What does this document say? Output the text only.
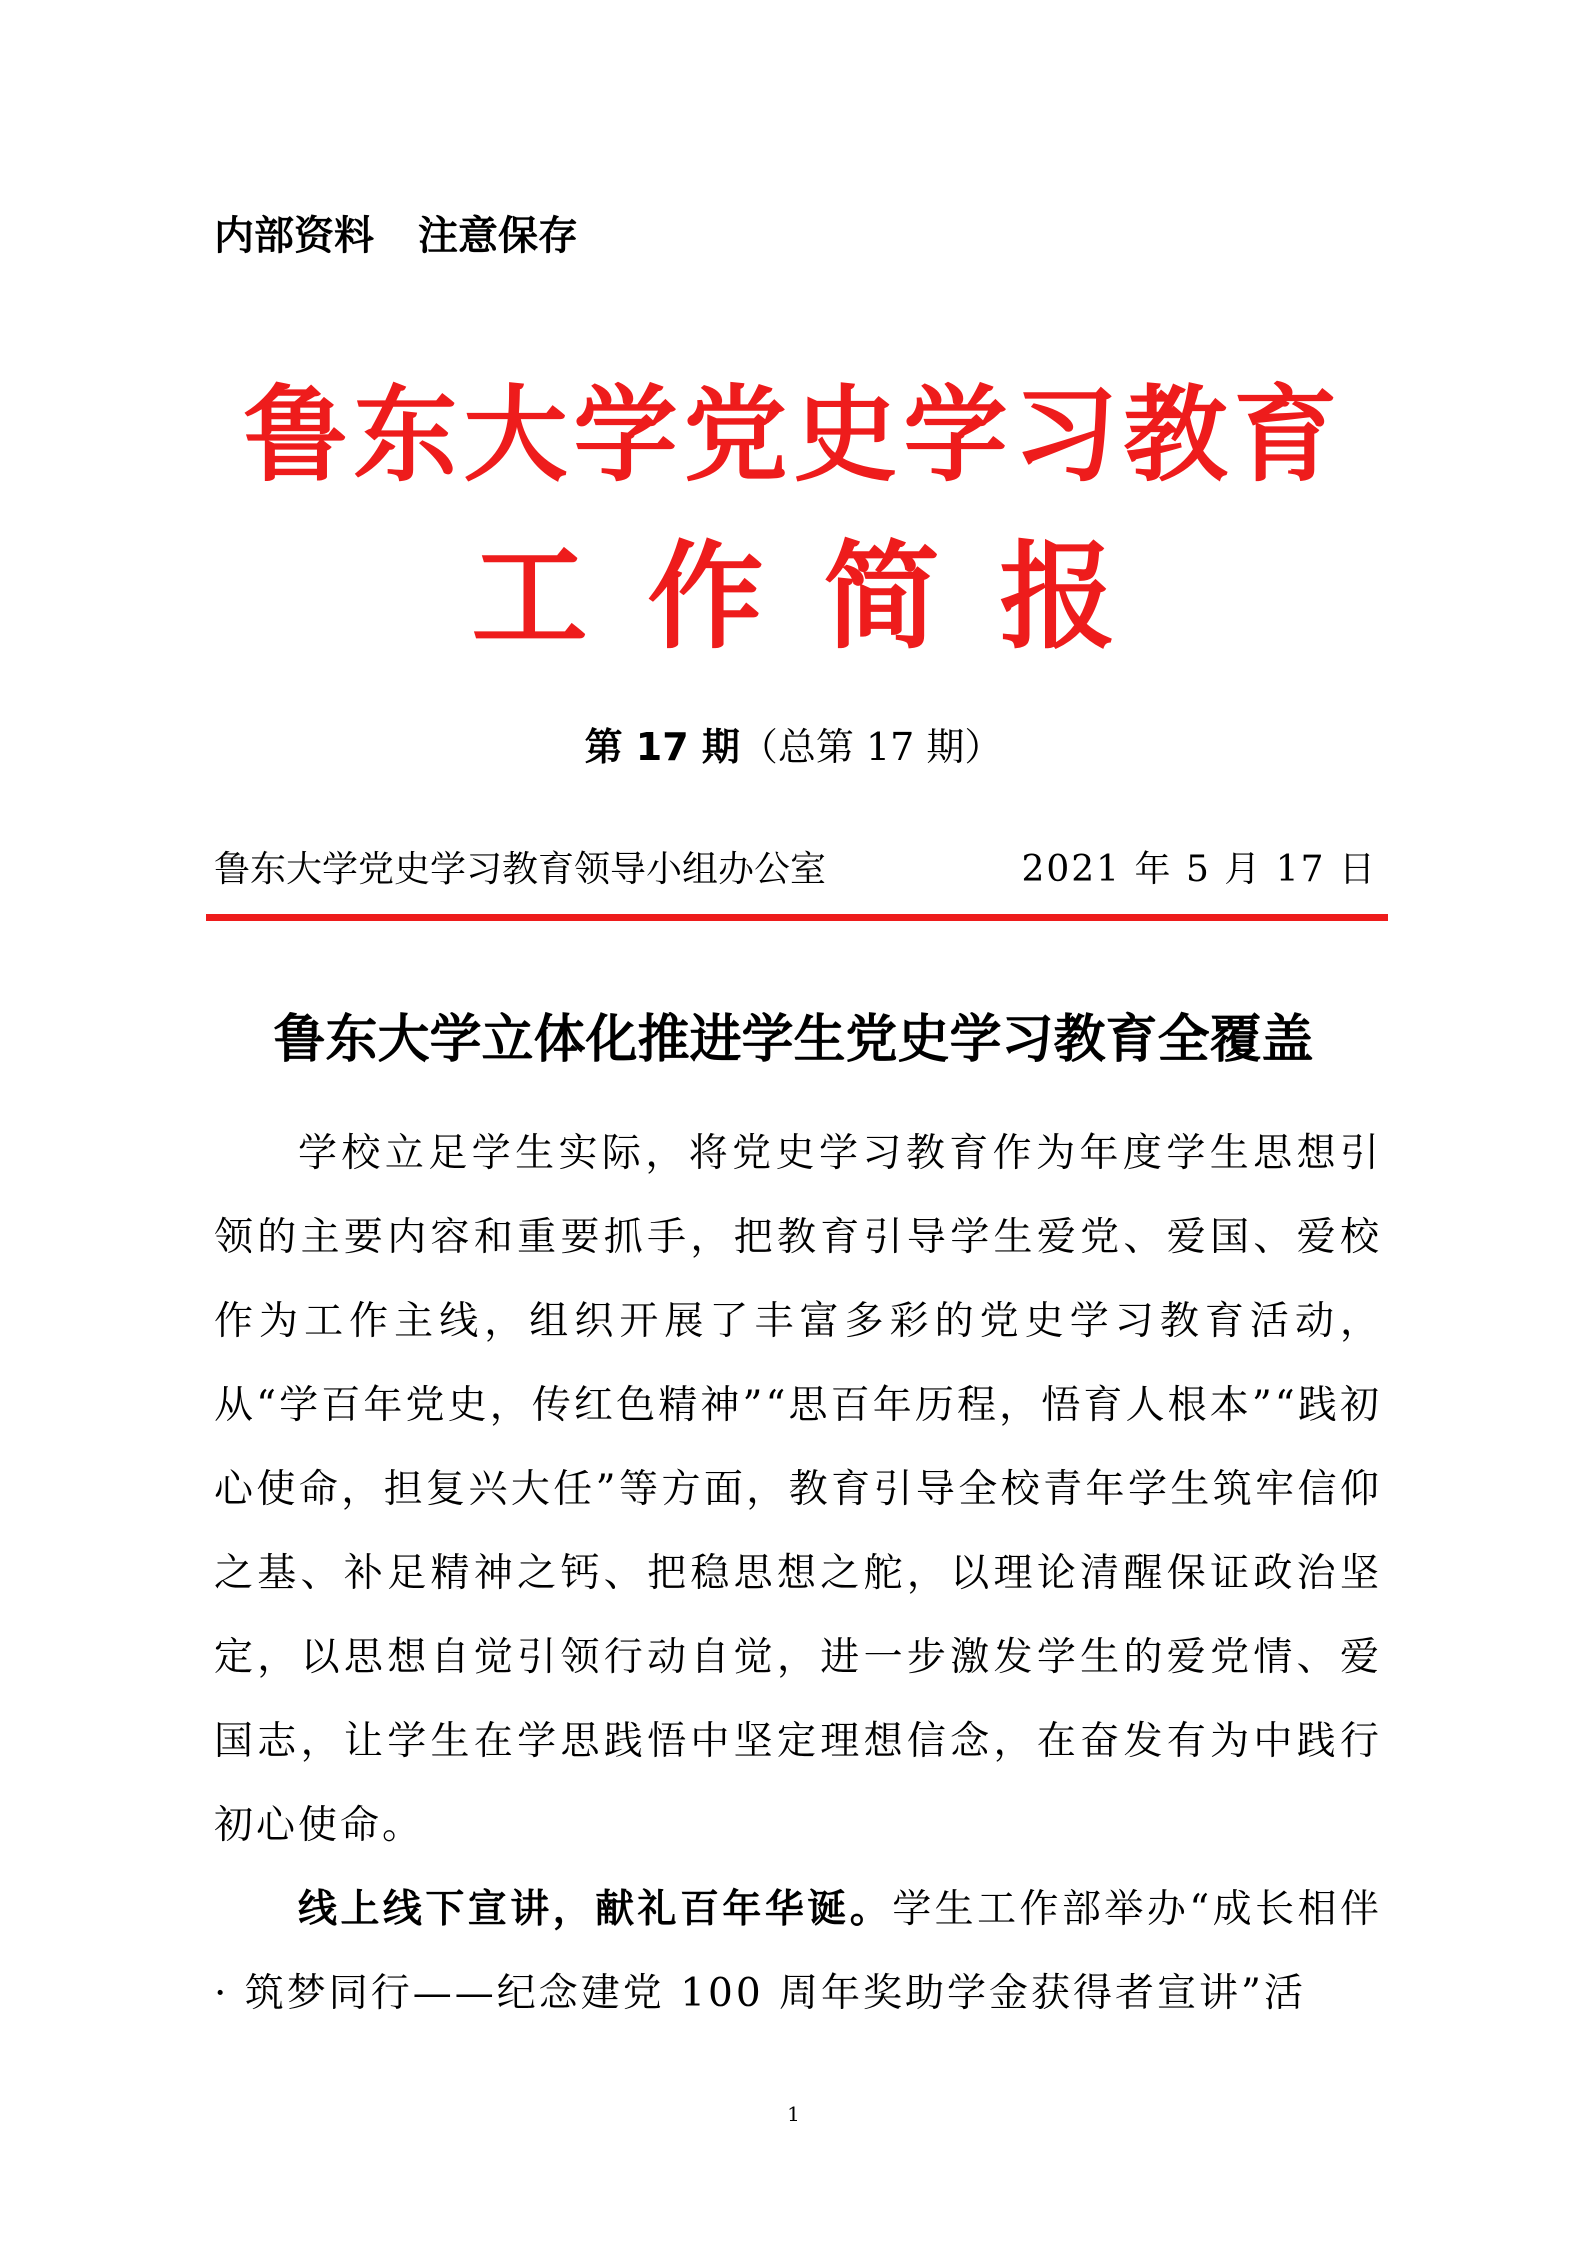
内部资料 注意保存
鲁东大学党史学习教育
工作简报
第 17 期（总第 17 期）
鲁东大学党史学习教育领导小组办公室	2021 年 5 月 17 日
鲁东大学立体化推进学生党史学习教育全覆盖

学校立足学生实际，将党史学习教育作为年度学生思想引领的主要内容和重要抓手，把教育引导学生爱党、爱国、爱校作为工作主线，组织开展了丰富多彩的党史学习教育活动，从“学百年党史，传红色精神”“思百年历程，悟育人根本”“践初心使命，担复兴大任”等方面，教育引导全校青年学生筑牢信仰之基、补足精神之钙、把稳思想之舵，以理论清醒保证政治坚定，以思想自觉引领行动自觉，进一步激发学生的爱党情、爱国志，让学生在学思践悟中坚定理想信念，在奋发有为中践行初心使命。

线上线下宣讲，献礼百年华诞。学生工作部举办“成长相伴 · 筑梦同行——纪念建党 100 周年奖助学金获得者宣讲”活

1
